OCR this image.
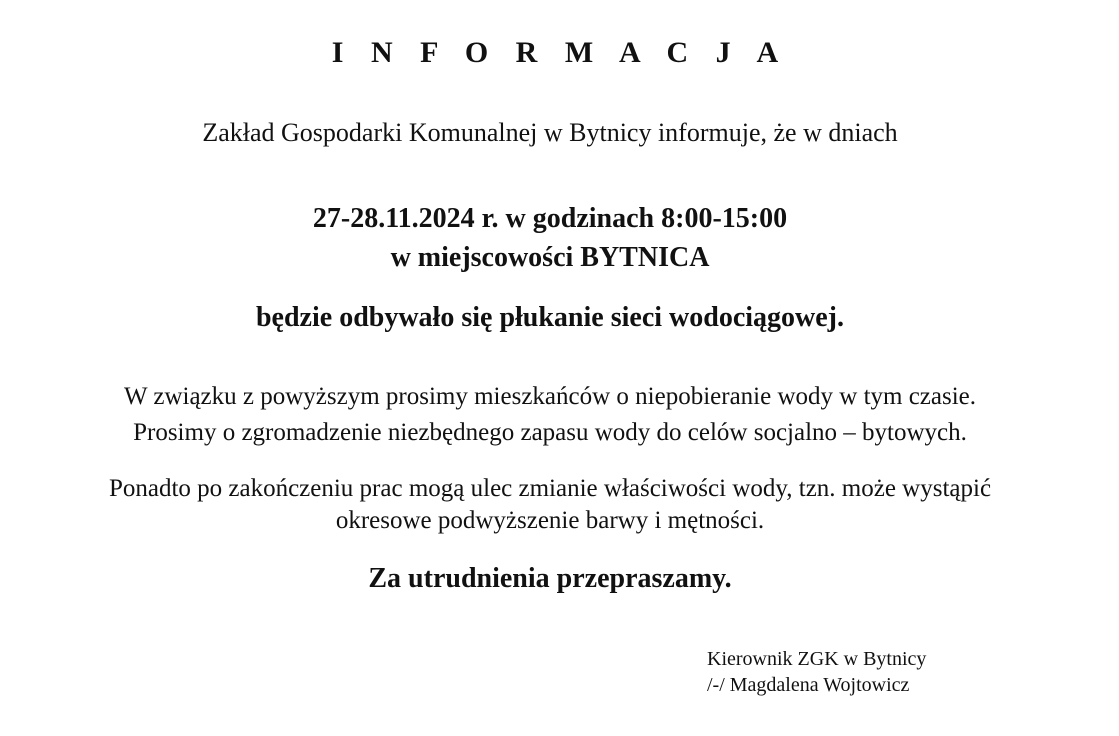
I N F O R M A C J A
Zakład Gospodarki Komunalnej w Bytnicy informuje, że w dniach
27-28.11.2024 r. w godzinach 8:00-15:00
w miejscowości BYTNICA
będzie odbywało się płukanie sieci wodociągowej.
W związku z powyższym prosimy mieszkańców o niepobieranie wody w tym czasie.
Prosimy o zgromadzenie niezbędnego zapasu wody do celów socjalno – bytowych.
Ponadto po zakończeniu prac mogą ulec zmianie właściwości wody, tzn. może wystąpić
okresowe podwyższenie barwy i mętności.
Za utrudnienia przepraszamy.
Kierownik ZGK w Bytnicy
/-/ Magdalena Wojtowicz
